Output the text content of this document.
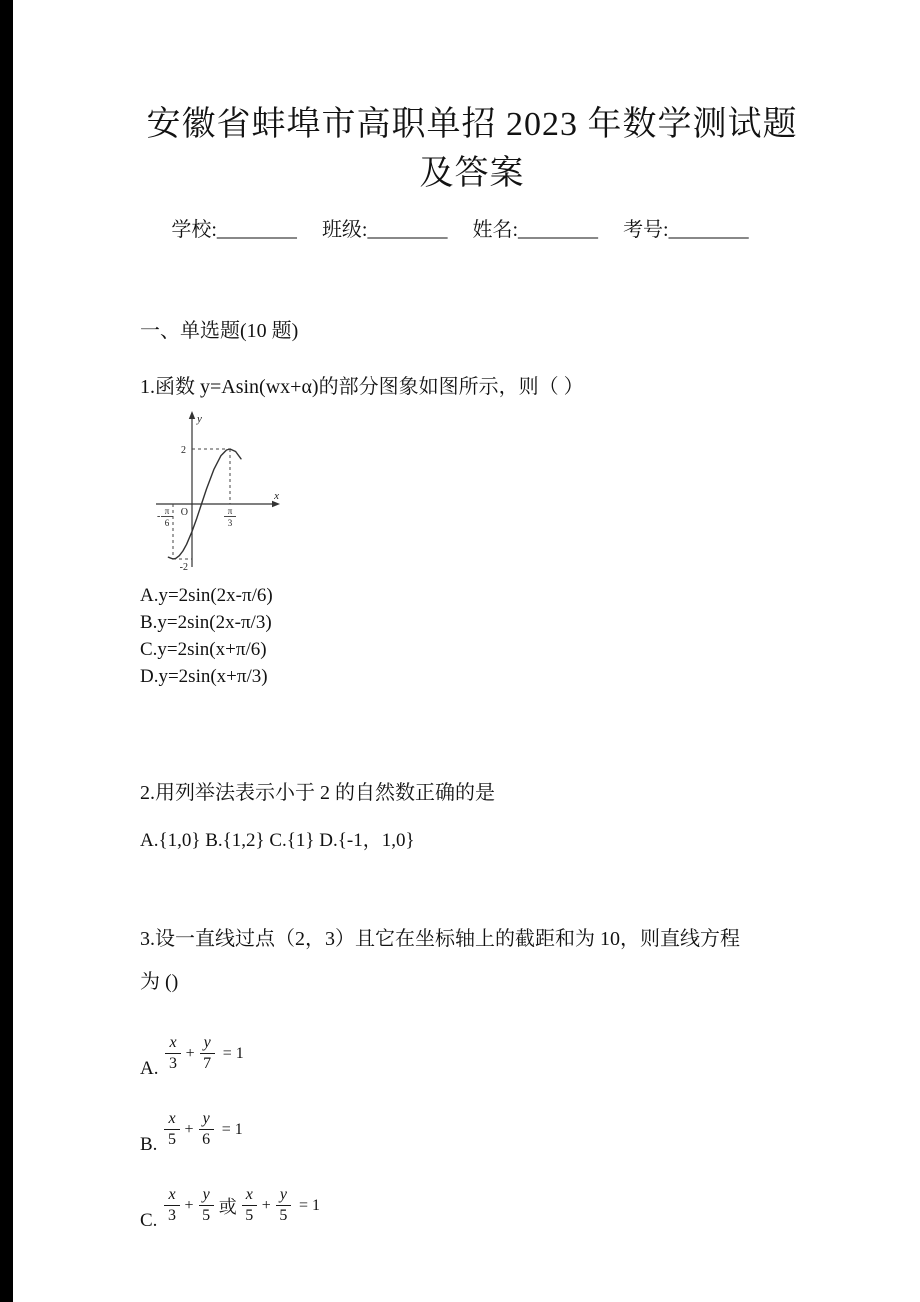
安徽省蚌埠市高职单招 2023 年数学测试题
及答案
学校:________ 班级:________ 姓名:________ 考号:________
一、单选题(10 题)
1.函数 y=Asin(wx+α)的部分图象如图所示，则（ ）
y
x
O
2
-2
- π
6
π
3
A.y=2sin(2x-π/6)
B.y=2sin(2x-π/3)
C.y=2sin(x+π/6)
D.y=2sin(x+π/3)
2.用列举法表示小于 2 的自然数正确的是
A.{1,0} B.{1,2} C.{1} D.{-1，1,0}
3.设一直线过点（2，3）且它在坐标轴上的截距和为 10，则直线方程
为 ()
A. $\frac{x}{3} + \frac{y}{7} = 1$
B. $\frac{x}{5} + \frac{y}{6} = 1$
C. $\frac{x}{3} + \frac{y}{5}$ 或 $\frac{x}{5} + \frac{y}{5} = 1$
